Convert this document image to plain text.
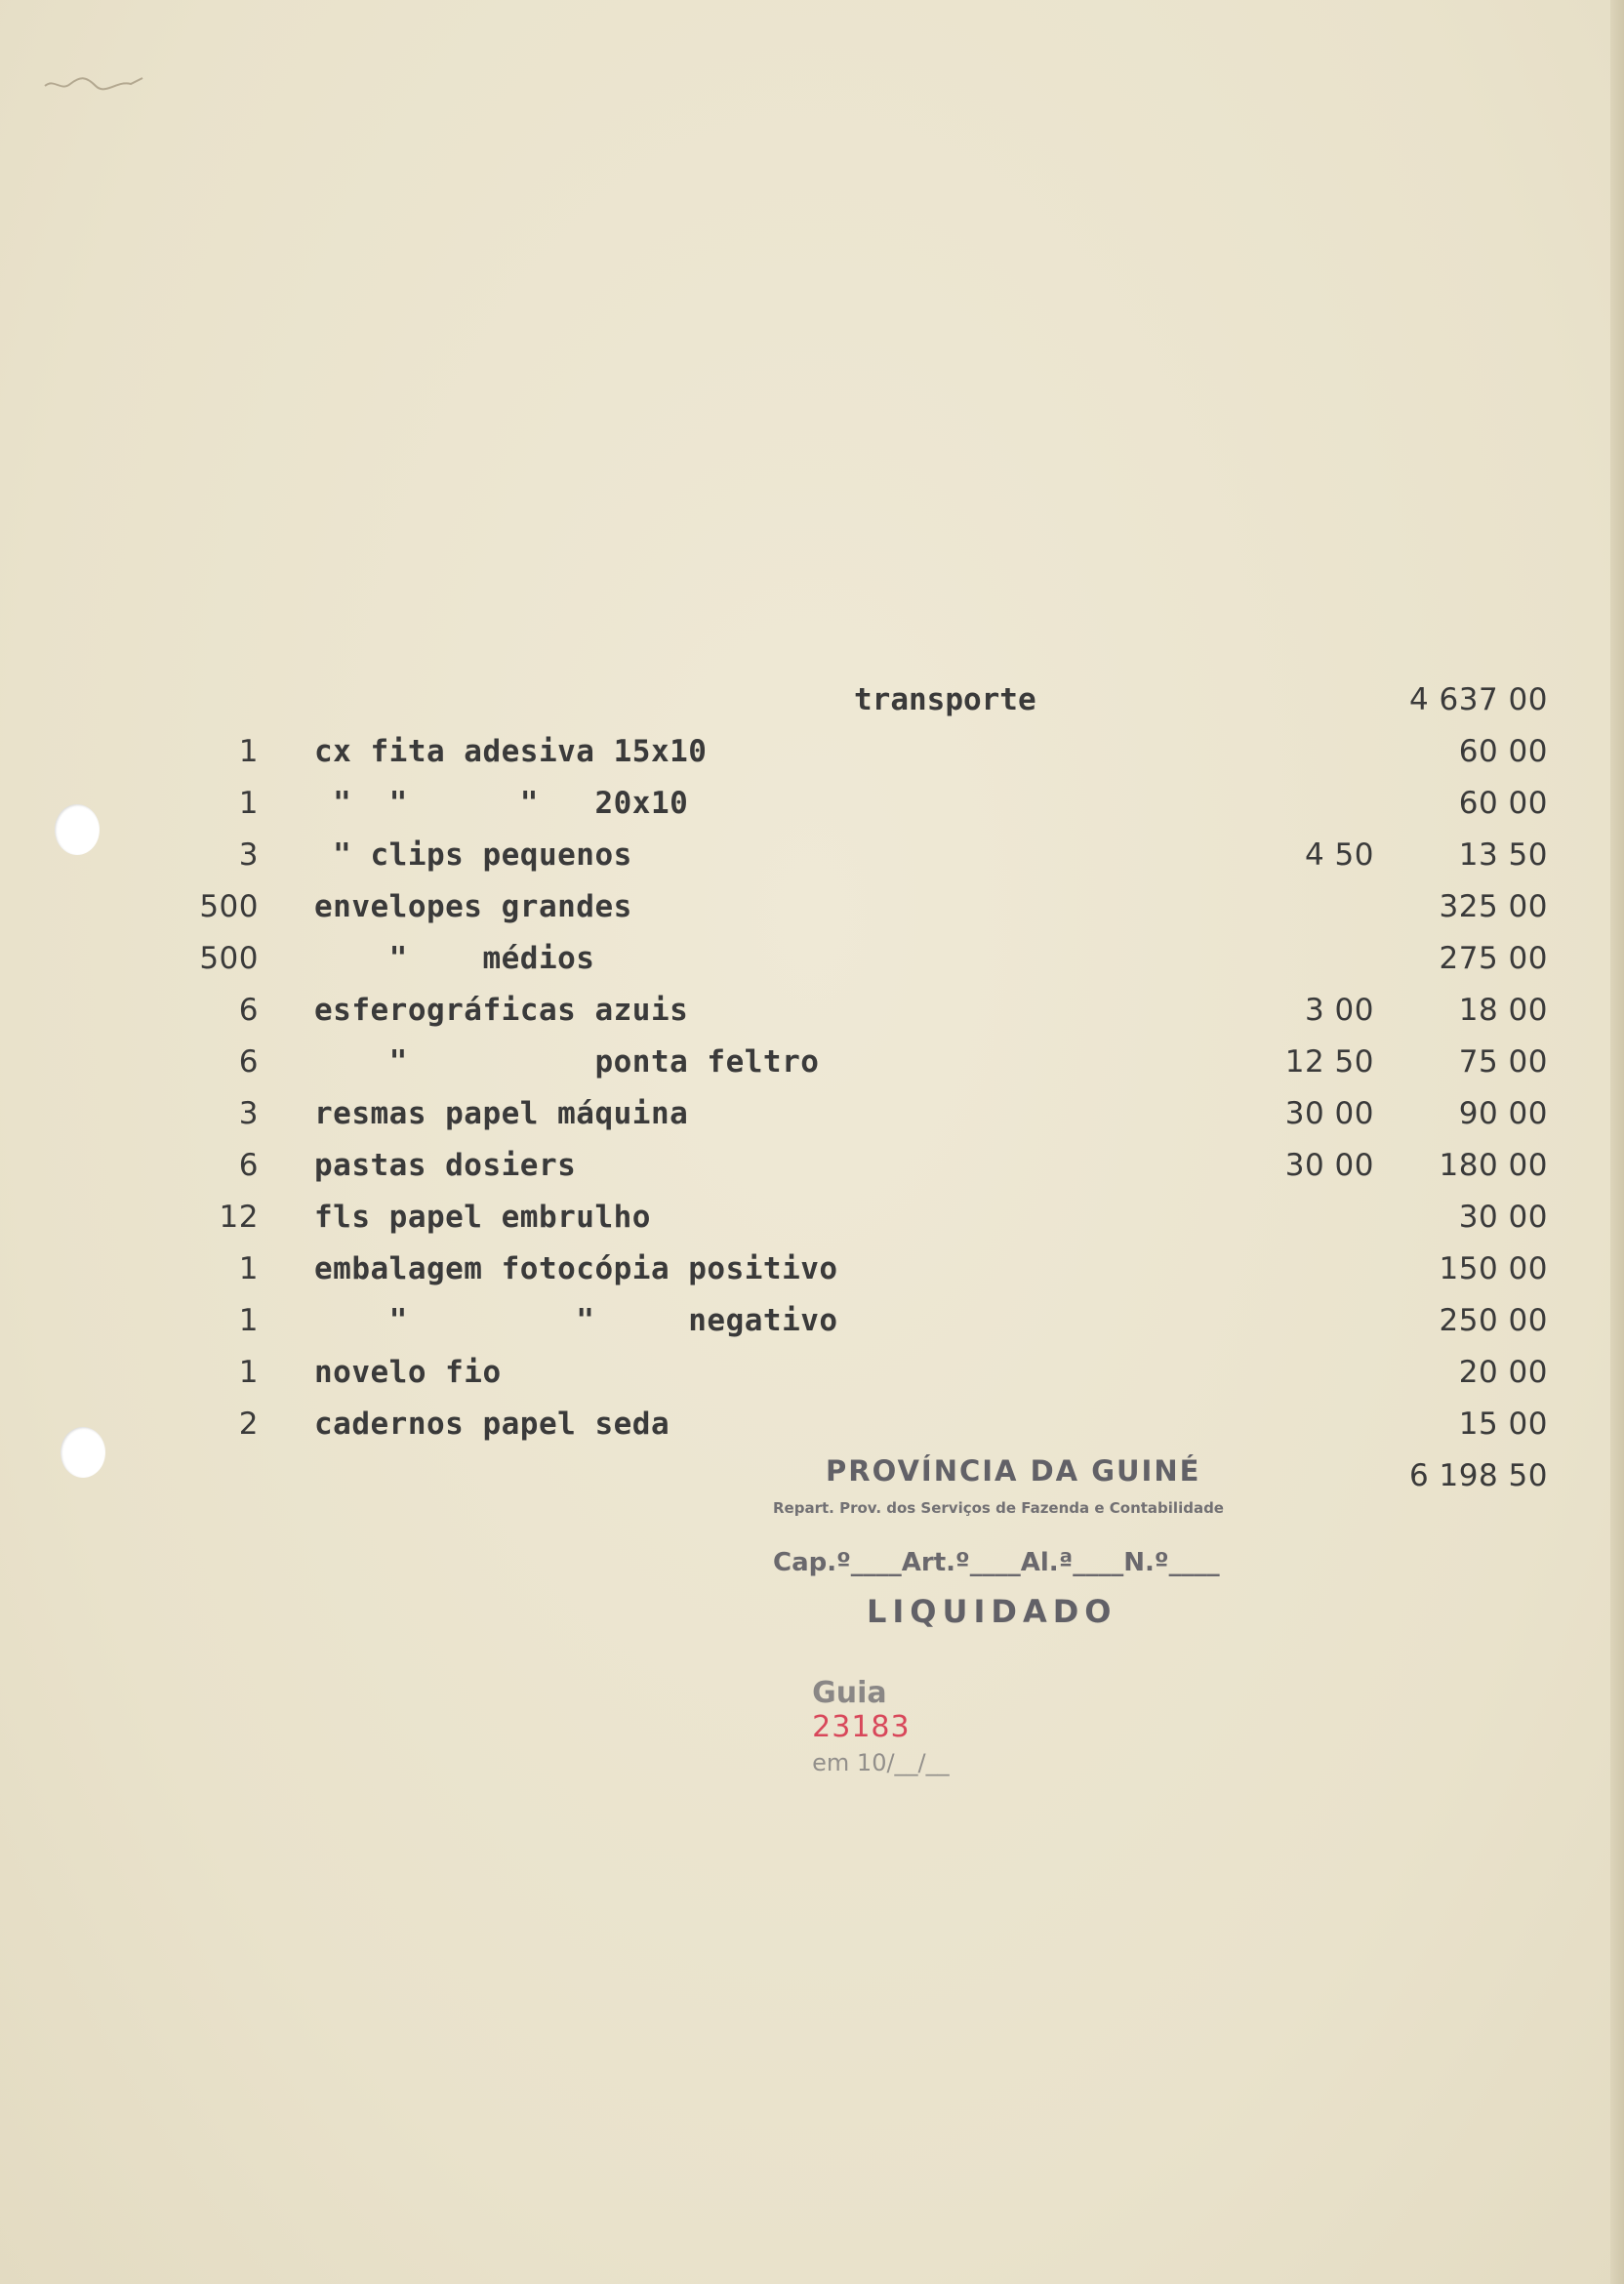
transporte	4 637 00
1 cx fita adesiva 15x10	60 00
1 "  "      "   20x10	60 00
3 " clips pequenos	4 50	13 50
500 envelopes grandes	325 00
500 "    médios	275 00
6 esferográficas azuis	3 00	18 00
6 "          ponta feltro	12 50	75 00
3 resmas papel máquina	30 00	90 00
6 pastas dosiers	30 00	180 00
12 fls papel embrulho	30 00
1 embalagem fotocópia positivo	150 00
1 "         "     negativo	250 00
1 novelo fio	20 00
2 cadernos papel seda	15 00
6 198 50
PROVÍNCIA DA GUINÉ
Repart. Prov. dos Serviços de Fazenda e Contabilidade
Cap.º____Art.º____Al.ª____N.º____
LIQUIDADO

Guia
23183
em 10/__/__
